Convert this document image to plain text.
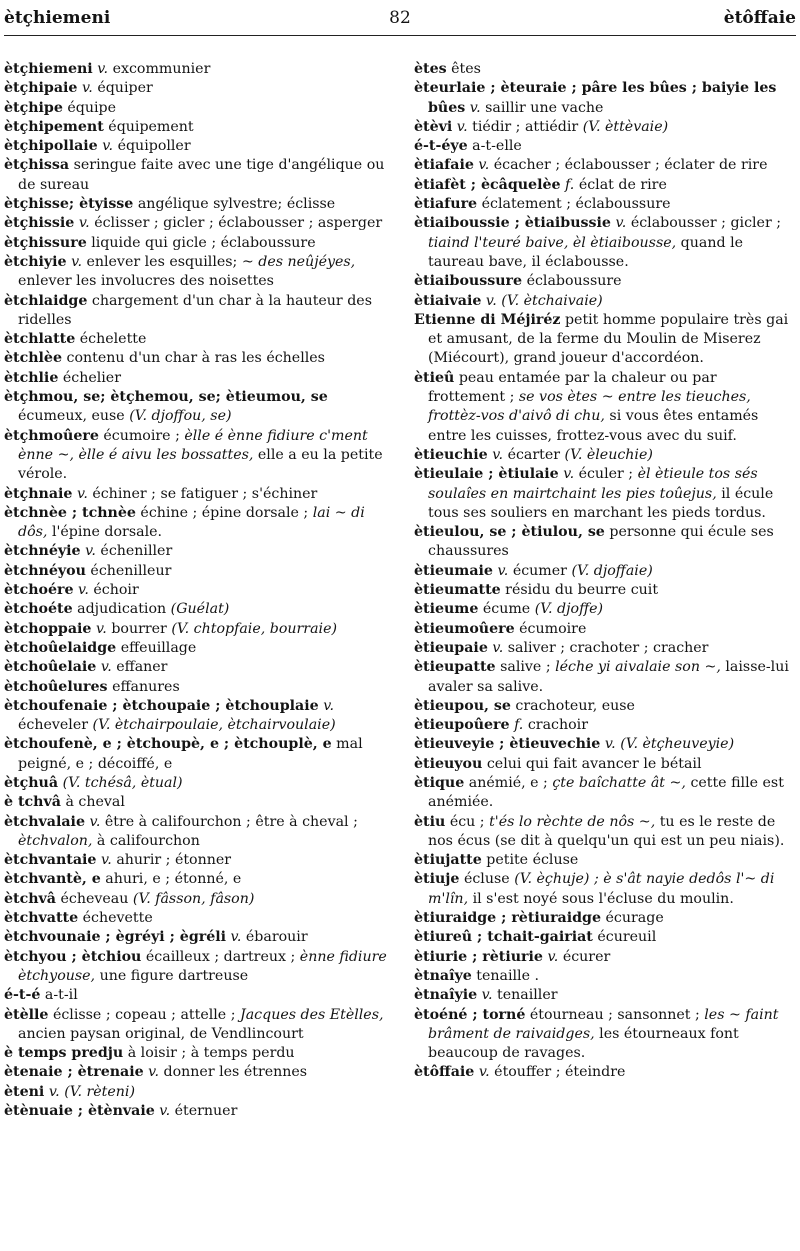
ètçhiemeni	82	ètôffaie

ètçhiemeni v. excommunier

ètçhipaie v. équiper

ètçhipe équipe

ètçhipement équipement

ètçhipollaie v. équipoller

ètçhissa seringue faite avec une tige d'angélique ou de sureau

ètçhisse; ètyisse angélique sylvestre; éclisse

ètçhissie v. éclisser ; gicler ; éclabousser ; asperger

ètçhissure liquide qui gicle ; éclaboussure

ètchiyie v. enlever les esquilles; ~ des neûjéyes, enlever les involucres des noisettes

ètchlaidge chargement d'un char à la hauteur des ridelles

ètchlatte échelette

ètchlèe contenu d'un char à ras les échelles

ètchlie échelier

ètçhmou, se; ètçhemou, se; ètieumou, se écumeux, euse (V. djoffou, se)

ètçhmoûere écumoire ; èlle é ènne fidiure c'ment ènne ~, èlle é aivu les bossattes, elle a eu la petite vérole.

ètçhnaie v. échiner ; se fatiguer ; s'échiner

ètchnèe ; tchnèe échine ; épine dorsale ; lai ~ di dôs, l'épine dorsale.

ètchnéyie v. écheniller

ètchnéyou échenilleur

ètchoére v. échoir

ètchoéte adjudication (Guélat)

ètchoppaie v. bourrer (V. chtopfaie, bourraie)

ètchoûelaidge effeuillage

ètchoûelaie v. effaner

ètchoûelures effanures

ètchoufenaie ; ètchoupaie ; ètchouplaie v. écheveler (V. ètchairpoulaie, ètchairvoulaie)

ètchoufenè, e ; ètchoupè, e ; ètchouplè, e mal peigné, e ; décoiffé, e

ètçhuâ (V. tchésâ, ètual)

è tchvâ à cheval

ètchvalaie v. être à califourchon ; être à cheval ; ètchvalon, à califourchon

ètchvantaie v. ahurir ; étonner

ètchvantè, e ahuri, e ; étonné, e

ètchvâ écheveau (V. fâsson, fâson)

ètchvatte échevette

ètchvounaie ; ègréyi ; ègréli v. ébarouir

ètchyou ; ètchiou écailleux ; dartreux ; ènne fidiure ètchyouse, une figure dartreuse

é-t-é a-t-il

ètèlle éclisse ; copeau ; attelle ; Jacques des Etèlles, ancien paysan original, de Vendlincourt

è temps predju à loisir ; à temps perdu

ètenaie ; ètrenaie v. donner les étrennes

èteni v. (V. rèteni)

ètènuaie ; ètènvaie v. éternuer

ètes êtes

èteurlaie ; èteuraie ; pâre les bûes ; baiyie les bûes v. saillir une vache

ètèvi v. tiédir ; attiédir (V. èttèvaie)

é-t-éye a-t-elle

ètiafaie v. écacher ; éclabousser ; éclater de rire

ètiafèt ; ècâquelèe f. éclat de rire

ètiafure éclatement ; éclaboussure

ètiaiboussie ; ètiaibussie v. éclabousser ; gicler ; tiaind l'teuré baive, èl ètiaibousse, quand le taureau bave, il éclabousse.

ètiaiboussure éclaboussure

ètiaivaie v. (V. ètchaivaie)

Etienne di Méjiréz petit homme populaire très gai et amusant, de la ferme du Moulin de Miserez (Miécourt), grand joueur d'accordéon.

ètieû peau entamée par la chaleur ou par frottement ; se vos ètes ~ entre les tieuches, frottèz-vos d'aivô di chu, si vous êtes entamés entre les cuisses, frottez-vous avec du suif.

ètieuchie v. écarter (V. èleuchie)

ètieulaie ; ètiulaie v. éculer ; èl ètieule tos sés soulaîes en mairtchaint les pies toûejus, il écule tous ses souliers en marchant les pieds tordus.

ètieulou, se ; ètiulou, se personne qui écule ses chaussures

ètieumaie v. écumer (V. djoffaie)

ètieumatte résidu du beurre cuit

ètieume écume (V. djoffe)

ètieumoûere écumoire

ètieupaie v. saliver ; crachoter ; cracher

ètieupatte salive ; léche yi aivalaie son ~, laisse-lui avaler sa salive.

ètieupou, se crachoteur, euse

ètieupoûere f. crachoir

ètieuveyie ; ètieuvechie v. (V. ètçheuveyie)

ètieuyou celui qui fait avancer le bétail

ètique anémié, e ; çte baîchatte ât ~, cette fille est anémiée.

ètiu écu ; t'és lo rèchte de nôs ~, tu es le reste de nos écus (se dit à quelqu'un qui est un peu niais).

ètiujatte petite écluse

ètiuje écluse (V. èçhuje) ; è s'ât nayie dedôs l'~ di m'lîn, il s'est noyé sous l'écluse du moulin.

ètiuraidge ; rètiuraidge écurage

ètiureû ; tchait-gairiat écureuil

ètiurie ; rètiurie v. écurer

ètnaîye tenaille .

ètnaîyie v. tenailler

ètoéné ; torné étourneau ; sansonnet ; les ~ faint brâment de raivaidges, les étourneaux font beaucoup de ravages.

ètôffaie v. étouffer ; éteindre
